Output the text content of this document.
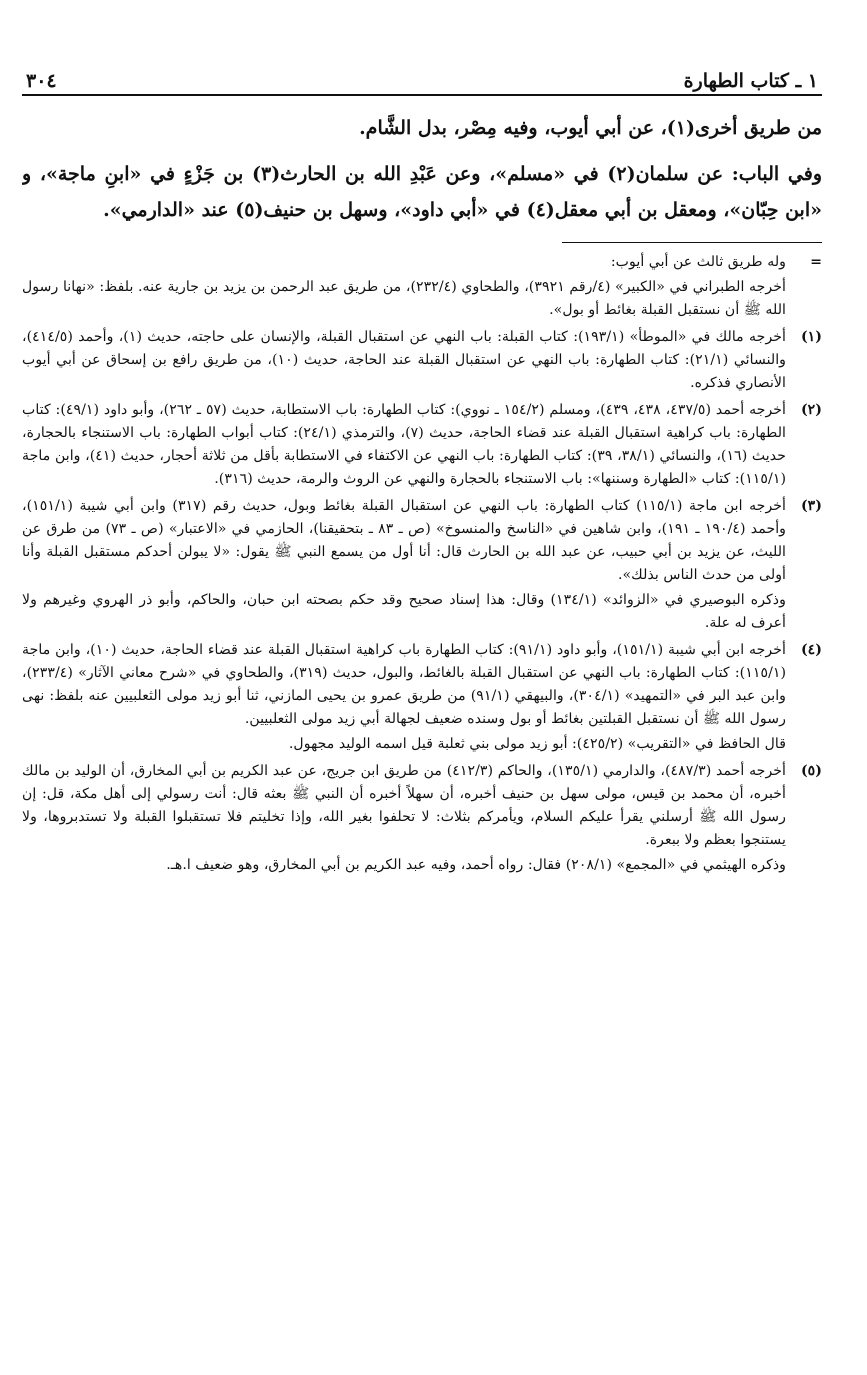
١ ـ كتاب الطهارة
٣٠٤

من طريق أخرى(١)، عن أبي أيوب، وفيه مِصْر، بدل الشَّام.

وفي الباب: عن سلمان(٢) في «مسلم»، وعن عَبْدِ الله بن الحارث(٣) بن جَزْءٍ في «ابنِ ماجة»، و «ابن حِبّان»، ومعقل بن أبي معقل(٤) في «أبي داود»، وسهل بن حنيف(٥) عند «الدارمي».

=

وله طريق ثالث عن أبي أيوب:

أخرجه الطبراني في «الكبير» (٤/رقم ٣٩٢١)، والطحاوي (٢٣٢/٤)، من طريق عبد الرحمن بن يزيد بن جارية عنه. بلفظ: «نهانا رسول الله ﷺ أن نستقبل القبلة بغائط أو بول».

(١)

أخرجه مالك في «الموطأ» (١٩٣/١): كتاب القبلة: باب النهي عن استقبال القبلة، والإنسان على حاجته، حديث (١)، وأحمد (٤١٤/٥)، والنسائي (٢١/١): كتاب الطهارة: باب النهي عن استقبال القبلة عند الحاجة، حديث (١٠)، من طريق رافع بن إسحاق عن أبي أيوب الأنصاري فذكره.

(٢)

أخرجه أحمد (٤٣٧/٥، ٤٣٨، ٤٣٩)، ومسلم (١٥٤/٢ ـ نووي): كتاب الطهارة: باب الاستطابة، حديث (٥٧ ـ ٢٦٢)، وأبو داود (٤٩/١): كتاب الطهارة: باب كراهية استقبال القبلة عند قضاء الحاجة، حديث (٧)، والترمذي (٢٤/١): كتاب أبواب الطهارة: باب الاستنجاء بالحجارة، حديث (١٦)، والنسائي (٣٨/١، ٣٩): كتاب الطهارة: باب النهي عن الاكتفاء في الاستطابة بأقل من ثلاثة أحجار، حديث (٤١)، وابن ماجة (١١٥/١): كتاب «الطهارة وسننها»: باب الاستنجاء بالحجارة والنهي عن الروث والرمة، حديث (٣١٦).

(٣)

أخرجه ابن ماجة (١١٥/١) كتاب الطهارة: باب النهي عن استقبال القبلة بغائط وبول، حديث رقم (٣١٧) وابن أبي شيبة (١٥١/١)، وأحمد (١٩٠/٤ ـ ١٩١)، وابن شاهين في «الناسخ والمنسوخ» (ص ـ ٨٣ ـ بتحقيقنا)، الحازمي في «الاعتبار» (ص ـ ٧٣) من طرق عن الليث، عن يزيد بن أبي حبيب، عن عبد الله بن الحارث قال: أنا أول من يسمع النبي ﷺ يقول: «لا يبولن أحدكم مستقبل القبلة وأنا أولى من حدث الناس بذلك».

وذكره البوصيري في «الزوائد» (١٣٤/١) وقال: هذا إسناد صحيح وقد حكم بصحته ابن حبان، والحاكم، وأبو ذر الهروي وغيرهم ولا أعرف له علة.

(٤)

أخرجه ابن أبي شيبة (١٥١/١)، وأبو داود (٩١/١): كتاب الطهارة باب كراهية استقبال القبلة عند قضاء الحاجة، حديث (١٠)، وابن ماجة (١١٥/١): كتاب الطهارة: باب النهي عن استقبال القبلة بالغائط، والبول، حديث (٣١٩)، والطحاوي في «شرح معاني الآثار» (٢٣٣/٤)، وابن عبد البر في «التمهيد» (٣٠٤/١)، والبيهقي (٩١/١) من طريق عمرو بن يحيى المازني، ثنا أبو زيد مولى الثعلبيين عنه بلفظ: نهى رسول الله ﷺ أن نستقبل القبلتين بغائط أو بول وسنده ضعيف لجهالة أبي زيد مولى الثعلبيين.

قال الحافظ في «التقريب» (٤٢٥/٢): أبو زيد مولى بني ثعلبة قيل اسمه الوليد مجهول.

(٥)

أخرجه أحمد (٤٨٧/٣)، والدارمي (١٣٥/١)، والحاكم (٤١٢/٣) من طريق ابن جريج، عن عبد الكريم بن أبي المخارق، أن الوليد بن مالك أخبره، أن محمد بن قيس، مولى سهل بن حنيف أخبره، أن سهلاً أخبره أن النبي ﷺ بعثه قال: أنت رسولي إلى أهل مكة، قل: إن رسول الله ﷺ أرسلني يقرأ عليكم السلام، ويأمركم بثلاث: لا تحلفوا بغير الله، وإذا تخليتم فلا تستقبلوا القبلة ولا تستدبروها، ولا يستنجوا بعظم ولا ببعرة.

وذكره الهيثمي في «المجمع» (٢٠٨/١) فقال: رواه أحمد، وفيه عبد الكريم بن أبي المخارق، وهو ضعيف ا.هـ.
